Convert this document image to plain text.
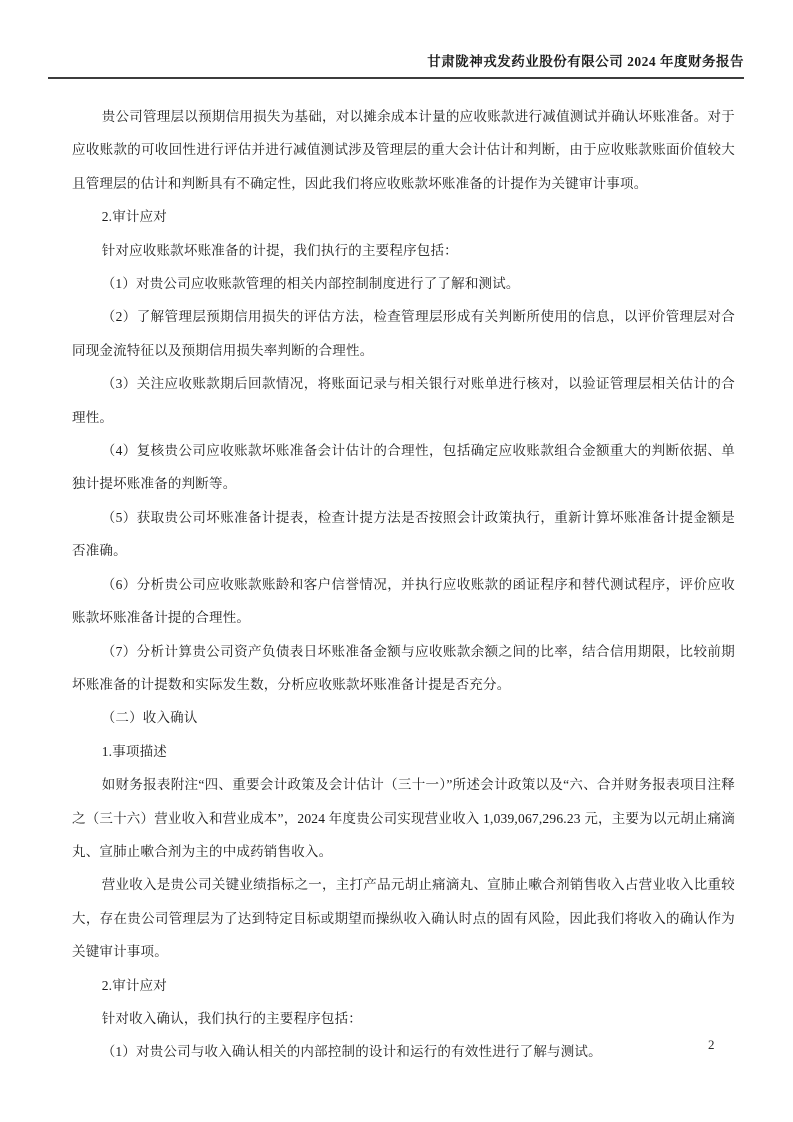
甘肃陇神戎发药业股份有限公司 2024 年度财务报告

贵公司管理层以预期信用损失为基础，对以摊余成本计量的应收账款进行减值测试并确认坏账准备。对于应收账款的可收回性进行评估并进行减值测试涉及管理层的重大会计估计和判断，由于应收账款账面价值较大且管理层的估计和判断具有不确定性，因此我们将应收账款坏账准备的计提作为关键审计事项。

2.审计应对

针对应收账款坏账准备的计提，我们执行的主要程序包括：

（1）对贵公司应收账款管理的相关内部控制制度进行了了解和测试。

（2）了解管理层预期信用损失的评估方法，检查管理层形成有关判断所使用的信息，以评价管理层对合同现金流特征以及预期信用损失率判断的合理性。

（3）关注应收账款期后回款情况，将账面记录与相关银行对账单进行核对，以验证管理层相关估计的合理性。

（4）复核贵公司应收账款坏账准备会计估计的合理性，包括确定应收账款组合金额重大的判断依据、单独计提坏账准备的判断等。

（5）获取贵公司坏账准备计提表，检查计提方法是否按照会计政策执行，重新计算坏账准备计提金额是否准确。

（6）分析贵公司应收账款账龄和客户信誉情况，并执行应收账款的函证程序和替代测试程序，评价应收账款坏账准备计提的合理性。

（7）分析计算贵公司资产负债表日坏账准备金额与应收账款余额之间的比率，结合信用期限，比较前期坏账准备的计提数和实际发生数，分析应收账款坏账准备计提是否充分。

（二）收入确认

1.事项描述

如财务报表附注“四、重要会计政策及会计估计（三十一）”所述会计政策以及“六、合并财务报表项目注释之（三十六）营业收入和营业成本”，2024 年度贵公司实现营业收入 1,039,067,296.23 元，主要为以元胡止痛滴丸、宣肺止嗽合剂为主的中成药销售收入。

营业收入是贵公司关键业绩指标之一，主打产品元胡止痛滴丸、宣肺止嗽合剂销售收入占营业收入比重较大，存在贵公司管理层为了达到特定目标或期望而操纵收入确认时点的固有风险，因此我们将收入的确认作为关键审计事项。

2.审计应对

针对收入确认，我们执行的主要程序包括：

（1）对贵公司与收入确认相关的内部控制的设计和运行的有效性进行了解与测试。	2
